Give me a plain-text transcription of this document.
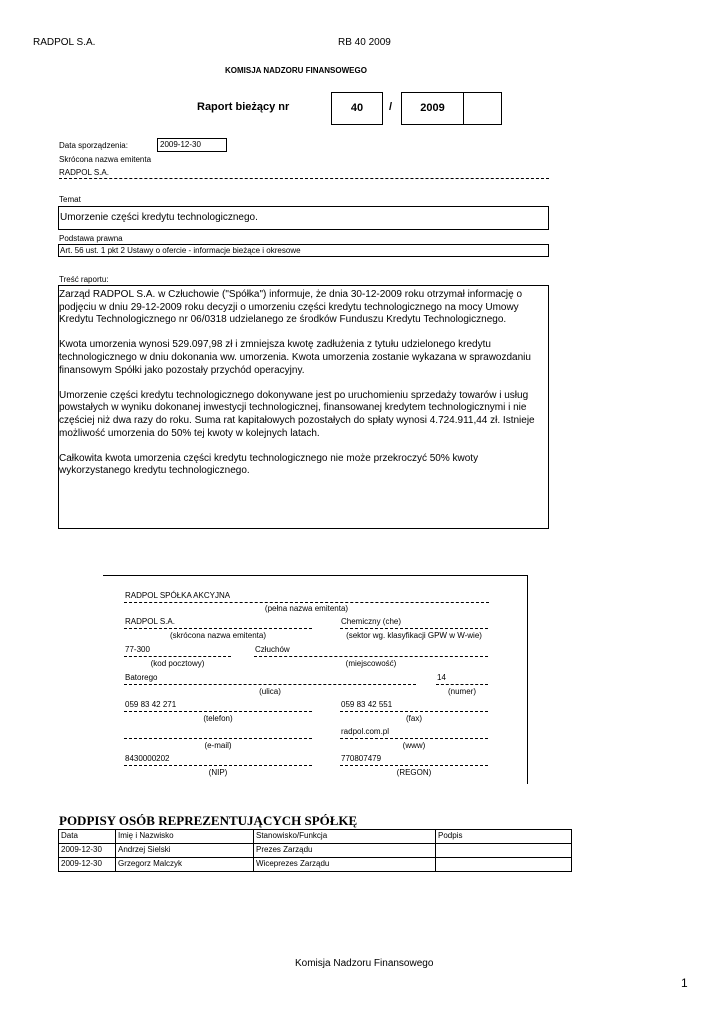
RADPOL S.A.	RB 40 2009
KOMISJA NADZORU FINANSOWEGO
Raport bieżący nr	40	/	2009
Data sporządzenia:	2009-12-30
Skrócona nazwa emitenta
RADPOL S.A.
Temat
Umorzenie części kredytu technologicznego.
Podstawa prawna
Art. 56 ust. 1 pkt 2 Ustawy o ofercie - informacje bieżące i okresowe
Treść raportu:

Zarząd RADPOL S.A. w Człuchowie ("Spółka") informuje, że dnia 30-12-2009 roku otrzymał informację o podjęciu w dniu 29-12-2009 roku decyzji o umorzeniu części kredytu technologicznego na mocy Umowy Kredytu Technologicznego nr 06/0318 udzielanego ze środków Funduszu Kredytu Technologicznego.

Kwota umorzenia wynosi 529.097,98 zł i zmniejsza kwotę zadłużenia z tytułu udzielonego kredytu technologicznego w dniu dokonania ww. umorzenia. Kwota umorzenia zostanie wykazana w sprawozdaniu finansowym Spółki jako pozostały przychód operacyjny.

Umorzenie części kredytu technologicznego dokonywane jest po uruchomieniu sprzedaży towarów i usług powstałych w wyniku dokonanej inwestycji technologicznej, finansowanej kredytem technologicznymi i nie częściej niż dwa razy do roku. Suma rat kapitałowych pozostałych do spłaty wynosi 4.724.911,44 zł. Istnieje możliwość umorzenia do 50% tej kwoty w kolejnych latach.

Całkowita kwota umorzenia części kredytu technologicznego nie może przekroczyć 50% kwoty wykorzystanego kredytu technologicznego.

RADPOL SPÓŁKA AKCYJNA
(pełna nazwa emitenta)
RADPOL S.A.
(skrócona nazwa emitenta)
Chemiczny (che)
(sektor wg. klasyfikacji GPW w W-wie)
77-300
(kod pocztowy)
Człuchów
(miejscowość)
Batorego
(ulica)
14
(numer)
059 83 42 271
(telefon)
059 83 42 551
(fax)
(e-mail)
radpol.com.pl
(www)
8430000202
(NIP)
770807479
(REGON)
PODPISY OSÓB REPREZENTUJĄCYCH SPÓŁKĘ
Data	Imię i Nazwisko	Stanowisko/Funkcja	Podpis
2009-12-30	Andrzej Sielski	Prezes Zarządu	
2009-12-30	Grzegorz Malczyk	Wiceprezes Zarządu	
Komisja Nadzoru Finansowego
1
